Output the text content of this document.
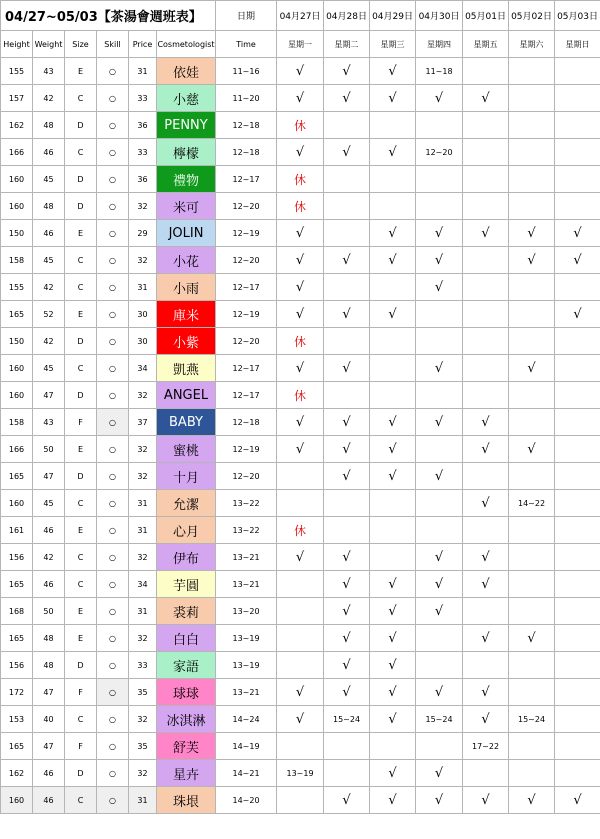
04/27~05/03【茶湯會週班表】						日期	04月27日	04月28日	04月29日	04月30日	05月01日	05月02日	05月03日
Height	Weight	Size	Skill	Price	Cosmetologist	Time	星期一	星期二	星期三	星期四	星期五	星期六	星期日
155	43	E	○	31	依娃	11~16	√	√	√	11~18			
157	42	C	○	33	小慈	11~20	√	√	√	√	√		
162	48	D	○	36	PENNY	12~18	休						
166	46	C	○	33	檸檬	12~18	√	√	√	12~20			
160	45	D	○	36	禮物	12~17	休						
160	48	D	○	32	米可	12~20	休						
150	46	E	○	29	JOLIN	12~19	√		√	√	√	√	√
158	45	C	○	32	小花	12~20	√	√	√	√		√	√
155	42	C	○	31	小雨	12~17	√			√			
165	52	E	○	30	庫米	12~19	√	√	√				√
150	42	D	○	30	小紫	12~20	休						
160	45	C	○	34	凱燕	12~17	√	√		√		√	
160	47	D	○	32	ANGEL	12~17	休						
158	43	F	○	37	BABY	12~18	√	√	√	√	√		
166	50	E	○	32	蜜桃	12~19	√	√	√		√	√	
165	47	D	○	32	十月	12~20		√	√	√			
160	45	C	○	31	允潔	13~22					√	14~22	
161	46	E	○	31	心月	13~22	休						
156	42	C	○	32	伊布	13~21	√	√		√	√		
165	46	C	○	34	芋圓	13~21		√	√	√	√		
168	50	E	○	31	裘莉	13~20		√	√	√			
165	48	E	○	32	白白	13~19		√	√		√	√	
156	48	D	○	33	家語	13~19		√	√				
172	47	F	○	35	球球	13~21	√	√	√	√	√		
153	40	C	○	32	冰淇淋	14~24	√	15~24	√	15~24	√	15~24	
165	47	F	○	35	舒芙	14~19					17~22		
162	46	D	○	32	星卉	14~21	13~19		√	√			
160	46	C	○	31	珠垠	14~20		√	√	√	√	√	√
